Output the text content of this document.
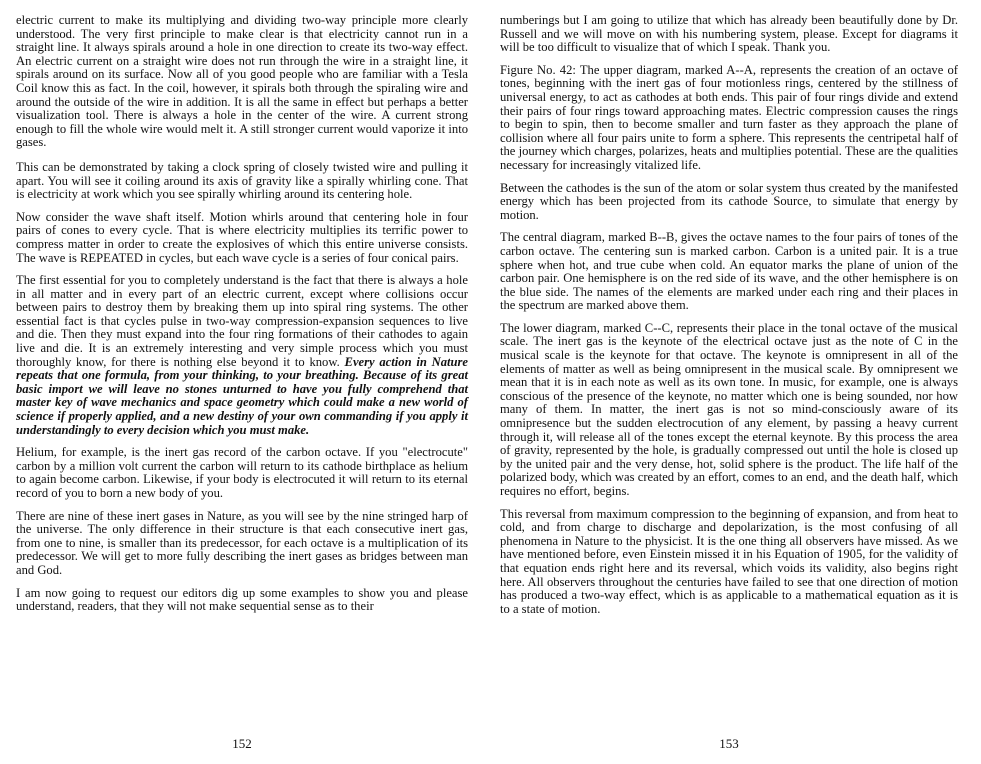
electric current to make its multiplying and dividing two-way principle more clearly understood. The very first principle to make clear is that electricity cannot run in a straight line. It always spirals around a hole in one direction to create its two-way effect. An electric current on a straight wire does not run through the wire in a straight line, it spirals around on its surface. Now all of you good people who are familiar with a Tesla Coil know this as fact. In the coil, however, it spirals both through the spiraling wire and around the outside of the wire in addition. It is all the same in effect but perhaps a better visualization tool. There is always a hole in the center of the wire. A current strong enough to fill the whole wire would melt it. A still stronger current would vaporize it into gases.

This can be demonstrated by taking a clock spring of closely twisted wire and pulling it apart. You will see it coiling around its axis of gravity like a spirally whirling cone. That is electricity at work which you see spirally whirling around its centering hole.

Now consider the wave shaft itself. Motion whirls around that centering hole in four pairs of cones to every cycle. That is where electricity multiplies its terrific power to compress matter in order to create the explosives of which this entire universe consists. The wave is REPEATED in cycles, but each wave cycle is a series of four conical pairs.

The first essential for you to completely understand is the fact that there is always a hole in all matter and in every part of an electric current, except where collisions occur between pairs to destroy them by breaking them up into spiral ring systems. The other essential fact is that cycles pulse in two-way compression-expansion sequences to live and die. Then they must expand into the four ring formations of their cathodes to again live and die. It is an extremely interesting and very simple process which you must thoroughly know, for there is nothing else beyond it to know. Every action in Nature repeats that one formula, from your thinking, to your breathing. Because of its great basic import we will leave no stones unturned to have you fully comprehend that master key of wave mechanics and space geometry which could make a new world of science if properly applied, and a new destiny of your own commanding if you apply it understandingly to every decision which you must make.

Helium, for example, is the inert gas record of the carbon octave. If you "electrocute" carbon by a million volt current the carbon will return to its cathode birthplace as helium to again become carbon. Likewise, if your body is electrocuted it will return to its eternal record of you to born a new body of you.

There are nine of these inert gases in Nature, as you will see by the nine stringed harp of the universe. The only difference in their structure is that each consecutive inert gas, from one to nine, is smaller than its predecessor, for each octave is a multiplication of its predecessor. We will get to more fully describing the inert gases as bridges between man and God.

I am now going to request our editors dig up some examples to show you and please understand, readers, that they will not make sequential sense as to their

152

numberings but I am going to utilize that which has already been beautifully done by Dr. Russell and we will move on with his numbering system, please. Except for diagrams it will be too difficult to visualize that of which I speak. Thank you.

Figure No. 42: The upper diagram, marked A--A, represents the creation of an octave of tones, beginning with the inert gas of four motionless rings, centered by the stillness of universal energy, to act as cathodes at both ends. This pair of four rings divide and extend their pairs of four rings toward approaching mates. Electric compression causes the rings to begin to spin, then to become smaller and turn faster as they approach the plane of collision where all four pairs unite to form a sphere. This represents the centripetal half of the journey which charges, polarizes, heats and multiplies potential. These are the qualities necessary for increasingly vitalized life.

Between the cathodes is the sun of the atom or solar system thus created by the manifested energy which has been projected from its cathode Source, to simulate that energy by motion.

The central diagram, marked B--B, gives the octave names to the four pairs of tones of the carbon octave. The centering sun is marked carbon. Carbon is a united pair. It is a true sphere when hot, and true cube when cold. An equator marks the plane of union of the carbon pair. One hemisphere is on the red side of its wave, and the other hemisphere is on the blue side. The names of the elements are marked under each ring and their places in the spectrum are marked above them.

The lower diagram, marked C--C, represents their place in the tonal octave of the musical scale. The inert gas is the keynote of the electrical octave just as the note of C in the musical scale is the keynote for that octave. The keynote is omnipresent in all of the elements of matter as well as being omnipresent in the musical scale. By omnipresent we mean that it is in each note as well as its own tone. In music, for example, one is always conscious of the presence of the keynote, no matter which one is being sounded, nor how many of them. In matter, the inert gas is not so mind-consciously aware of its omnipresence but the sudden electrocution of any element, by passing a heavy current through it, will release all of the tones except the eternal keynote. By this process the area of gravity, represented by the hole, is gradually compressed out until the hole is closed up by the united pair and the very dense, hot, solid sphere is the product. The life half of the polarized body, which was created by an effort, comes to an end, and the death half, which requires no effort, begins.

This reversal from maximum compression to the beginning of expansion, and from heat to cold, and from charge to discharge and depolarization, is the most confusing of all phenomena in Nature to the physicist. It is the one thing all observers have missed. As we have mentioned before, even Einstein missed it in his Equation of 1905, for the validity of that equation ends right here and its reversal, which voids its validity, also begins right here. All observers throughout the centuries have failed to see that one direction of motion has produced a two-way effect, which is as applicable to a mathematical equation as it is to a state of motion.

153
